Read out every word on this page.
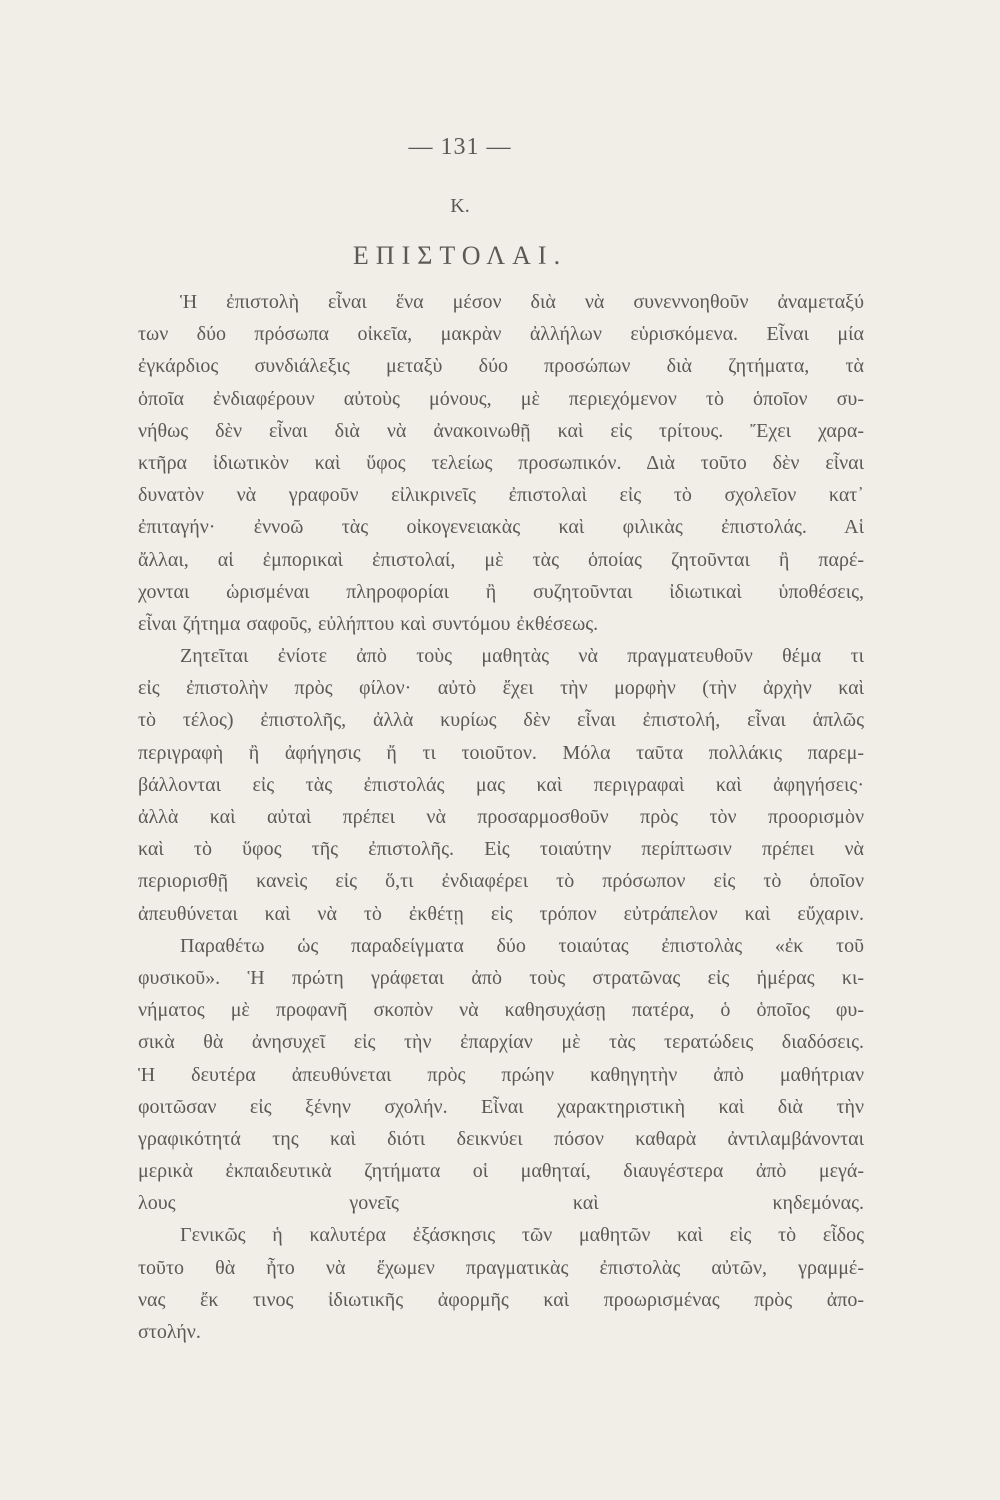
— 131 —
Κ.
ΕΠΙΣΤΟΛΑΙ.
Ἡ ἐπιστολὴ εἶναι ἕνα μέσον διὰ νὰ συνεννοηθοῦν ἀναμεταξύ
των δύο πρόσωπα οἰκεῖα, μακρὰν ἀλλήλων εὑρισκόμενα. Εἶναι μία
ἐγκάρδιος συνδιάλεξις μεταξὺ δύο προσώπων διὰ ζητήματα, τὰ
ὁποῖα ἐνδιαφέρουν αὐτοὺς μόνους, μὲ περιεχόμενον τὸ ὁποῖον συ-
νήθως δὲν εἶναι διὰ νὰ ἀνακοινωθῇ καὶ εἰς τρίτους. Ἔχει χαρα-
κτῆρα ἰδιωτικὸν καὶ ὕφος τελείως προσωπικόν. Διὰ τοῦτο δὲν εἶναι
δυνατὸν νὰ γραφοῦν εἰλικρινεῖς ἐπιστολαὶ εἰς τὸ σχολεῖον κατ᾽
ἐπιταγήν· ἐννοῶ τὰς οἰκογενειακὰς καὶ φιλικὰς ἐπιστολάς. Αἱ
ἄλλαι, αἱ ἐμπορικαὶ ἐπιστολαί, μὲ τὰς ὁποίας ζητοῦνται ἢ παρέ-
χονται ὡρισμέναι πληροφορίαι ἢ συζητοῦνται ἰδιωτικαὶ ὑποθέσεις,
εἶναι ζήτημα σαφοῦς, εὐλήπτου καὶ συντόμου ἐκθέσεως.
Ζητεῖται ἐνίοτε ἀπὸ τοὺς μαθητὰς νὰ πραγματευθοῦν θέμα τι
εἰς ἐπιστολὴν πρὸς φίλον· αὐτὸ ἔχει τὴν μορφὴν (τὴν ἀρχὴν καὶ
τὸ τέλος) ἐπιστολῆς, ἀλλὰ κυρίως δὲν εἶναι ἐπιστολή, εἶναι ἁπλῶς
περιγραφὴ ἢ ἀφήγησις ἤ τι τοιοῦτον. Μόλα ταῦτα πολλάκις παρεμ-
βάλλονται εἰς τὰς ἐπιστολάς μας καὶ περιγραφαὶ καὶ ἀφηγήσεις·
ἀλλὰ καὶ αὐταὶ πρέπει νὰ προσαρμοσθοῦν πρὸς τὸν προορισμὸν
καὶ τὸ ὕφος τῆς ἐπιστολῆς. Εἰς τοιαύτην περίπτωσιν πρέπει νὰ
περιορισθῇ κανεὶς εἰς ὅ,τι ἐνδιαφέρει τὸ πρόσωπον εἰς τὸ ὁποῖον
ἀπευθύνεται καὶ νὰ τὸ ἐκθέτῃ εἰς τρόπον εὐτράπελον καὶ εὔχαριν.
Παραθέτω ὡς παραδείγματα δύο τοιαύτας ἐπιστολὰς «ἐκ τοῦ
φυσικοῦ». Ἡ πρώτη γράφεται ἀπὸ τοὺς στρατῶνας εἰς ἡμέρας κι-
νήματος μὲ προφανῆ σκοπὸν νὰ καθησυχάσῃ πατέρα, ὁ ὁποῖος φυ-
σικὰ θὰ ἀνησυχεῖ εἰς τὴν ἐπαρχίαν μὲ τὰς τερατώδεις διαδόσεις.
Ἡ δευτέρα ἀπευθύνεται πρὸς πρώην καθηγητὴν ἀπὸ μαθήτριαν
φοιτῶσαν εἰς ξένην σχολήν. Εἶναι χαρακτηριστικὴ καὶ διὰ τὴν
γραφικότητά της καὶ διότι δεικνύει πόσον καθαρὰ ἀντιλαμβάνονται
μερικὰ ἐκπαιδευτικὰ ζητήματα οἱ μαθηταί, διαυγέστερα ἀπὸ μεγά-
λους γονεῖς καὶ κηδεμόνας.
Γενικῶς ἡ καλυτέρα ἐξάσκησις τῶν μαθητῶν καὶ εἰς τὸ εἶδος
τοῦτο θὰ ἦτο νὰ ἔχωμεν πραγματικὰς ἐπιστολὰς αὐτῶν, γραμμέ-
νας ἔκ τινος ἰδιωτικῆς ἀφορμῆς καὶ προωρισμένας πρὸς ἀπο-
στολήν.
